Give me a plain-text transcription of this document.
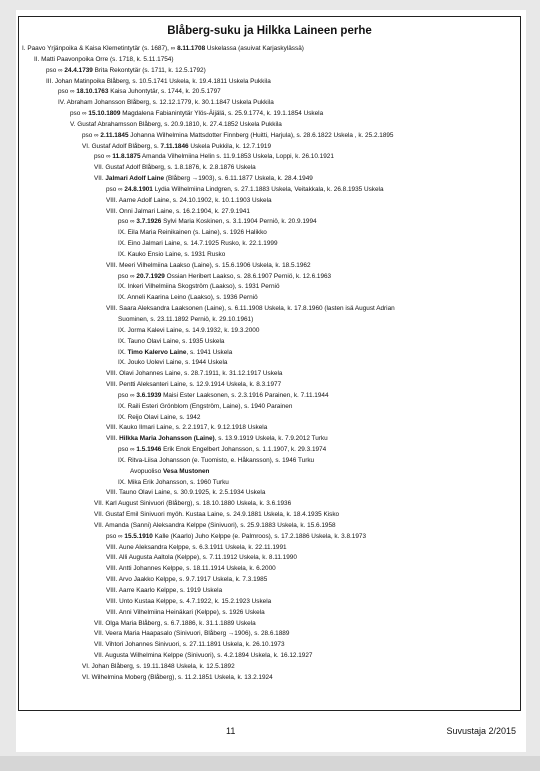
Blåberg-suku ja Hilkka Laineen perhe
I. Paavo Yrjänpoika & Kaisa Klemetintytär (s. 1687), ∞ 8.11.1708 Uskelassa (asuivat Karjaskylässä)
II. Matti Paavonpoika Orre (s. 1718, k. 5.11.1754)
pso ∞ 24.4.1739 Brita Rekontytär (s. 1711, k. 12.5.1792)
III. Johan Matinpoika Blåberg, s. 10.5.1741 Uskela, k. 19.4.1811 Uskela Pukkila
pso ∞ 18.10.1763 Kaisa Juhontytär, s. 1744, k. 20.5.1797
IV. Abraham Johansson Blåberg, s. 12.12.1779, k. 30.1.1847 Uskela Pukkila
pso ∞ 15.10.1809 Magdalena Fabianintytär Ylös-Äijälä, s. 25.9.1774, k. 19.1.1854 Uskela
V. Gustaf Abrahamsson Blåberg, s. 20.9.1810, k. 27.4.1852 Uskela Pukkila
pso ∞ 2.11.1845 Johanna Wilhelmina Mattsdotter Finnberg (Huitti, Harjula), s. 28.6.1822 Uskela , k. 25.2.1895
VI. Gustaf Adolf Blåberg, s. 7.11.1846 Uskela Pukkila, k. 12.7.1919
pso ∞ 11.8.1875 Amanda Vilhelmiina Helin s. 11.9.1853 Uskela, Loppi, k. 26.10.1921
VII. Gustaf Adolf Blåberg, s. 1.8.1876, k. 2.8.1876 Uskela
VII. Jalmari Adolf Laine (Blåberg →1903), s. 6.11.1877 Uskela, k. 28.4.1949
pso ∞ 24.8.1901 Lydia Wilhelmiina Lindgren, s. 27.1.1883 Uskela, Veitakkala, k. 26.8.1935 Uskela
VIII. Aarne Adolf Laine, s. 24.10.1902, k. 10.1.1903 Uskela
VIII. Onni Jalmari Laine, s. 16.2.1904, k. 27.9.1941
pso ∞ 3.7.1926 Sylvi Maria Koskinen, s. 3.1.1904 Perniö, k. 20.9.1994
IX. Eila Maria Reinikainen (s. Laine), s. 1926 Halikko
IX. Eino Jalmari Laine, s. 14.7.1925 Rusko, k. 22.1.1999
IX. Kauko Ensio Laine, s. 1931 Rusko
VIII. Meeri Vilhelmiina Laakso (Laine), s. 15.6.1906 Uskela, k. 18.5.1962
pso ∞ 20.7.1929 Ossian Heribert Laakso, s. 28.6.1907 Perniö, k. 12.6.1963
IX. Inkeri Vilhelmiina Skogström (Laakso), s. 1931 Perniö
IX. Anneli Kaarina Leino (Laakso), s. 1936 Perniö
VIII. Saara Aleksandra Laaksonen (Laine), s. 6.11.1908 Uskela, k. 17.8.1960 (lasten isä August Adrian
Suominen, s. 23.11.1892 Perniö, k. 29.10.1961)
IX. Jorma Kalevi Laine, s. 14.9.1932, k. 19.3.2000
IX. Tauno Olavi Laine, s. 1935 Uskela
IX. Timo Kalervo Laine, s. 1941 Uskela
IX. Jouko Uolevi Laine, s. 1944 Uskela
VIII. Olavi Johannes Laine, s. 28.7.1911, k. 31.12.1917 Uskela
VIII. Pentti Aleksanteri Laine, s. 12.9.1914 Uskela, k. 8.3.1977
pso ∞ 3.6.1939 Maisi Ester Laaksonen, s. 2.3.1916 Parainen, k. 7.11.1944
IX. Raili Esteri Grönblom (Engström, Laine), s. 1940 Parainen
IX. Reijo Olavi Laine, s. 1942
VIII. Kauko Ilmari Laine, s. 2.2.1917, k. 9.12.1918 Uskela
VIII. Hilkka Maria Johansson (Laine), s. 13.9.1919 Uskela, k. 7.9.2012 Turku
pso ∞ 1.5.1946 Erik Enok Engelbert Johansson, s. 1.1.1907, k. 29.3.1974
IX. Ritva-Liisa Johansson (e. Tuomisto, e. Håkansson), s. 1946 Turku
Avopuoliso Vesa Mustonen
IX. Mika Erik Johansson, s. 1960 Turku
VIII. Tauno Olavi Laine, s. 30.9.1925, k. 2.5.1934 Uskela
VII. Karl August Sinivuori (Blåberg), s. 18.10.1880 Uskela, k. 3.6.1936
VII. Gustaf Emil Sinivuori myöh. Kustaa Laine, s. 24.9.1881 Uskela, k. 18.4.1935 Kisko
VII. Amanda (Sanni) Aleksandra Kelppe (Sinivuori), s. 25.9.1883 Uskela, k. 15.6.1958
pso ∞ 15.5.1910 Kalle (Kaarlo) Juho Kelppe (e. Palmroos), s. 17.2.1886 Uskela, k. 3.8.1973
VIII. Aune Aleksandra Kelppe, s. 6.3.1911 Uskela, k. 22.11.1991
VIII. Alli Augusta Aaltola (Kelppe), s. 7.11.1912 Uskela, k. 8.11.1990
VIII. Antti Johannes Kelppe, s. 18.11.1914 Uskela, k. 6.2000
VIII. Arvo Jaakko Kelppe, s. 9.7.1917 Uskela, k. 7.3.1985
VIII. Aarre Kaarlo Kelppe, s. 1919 Uskela
VIII. Unto Kustaa Kelppe, s. 4.7.1922, k. 15.2.1923 Uskela
VIII. Anni Vilhelmiina Heinäkari (Kelppe), s. 1926 Uskela
VII. Olga Maria Blåberg, s. 6.7.1886, k. 31.1.1889 Uskela
VII. Veera Maria Haapasalo (Sinivuori, Blåberg →1906), s. 28.6.1889
VII. Vihtori Johannes Sinivuori, s. 27.11.1891 Uskela, k. 26.10.1973
VII. Augusta Wilhelmina Kelppe (Sinivuori), s. 4.2.1894 Uskela, k. 16.12.1927
VI. Johan Blåberg, s. 19.11.1848 Uskela, k. 12.5.1892
VI. Wilhelmina Moberg (Blåberg), s. 11.2.1851 Uskela, k. 13.2.1924
11	Suvustaja 2/2015
